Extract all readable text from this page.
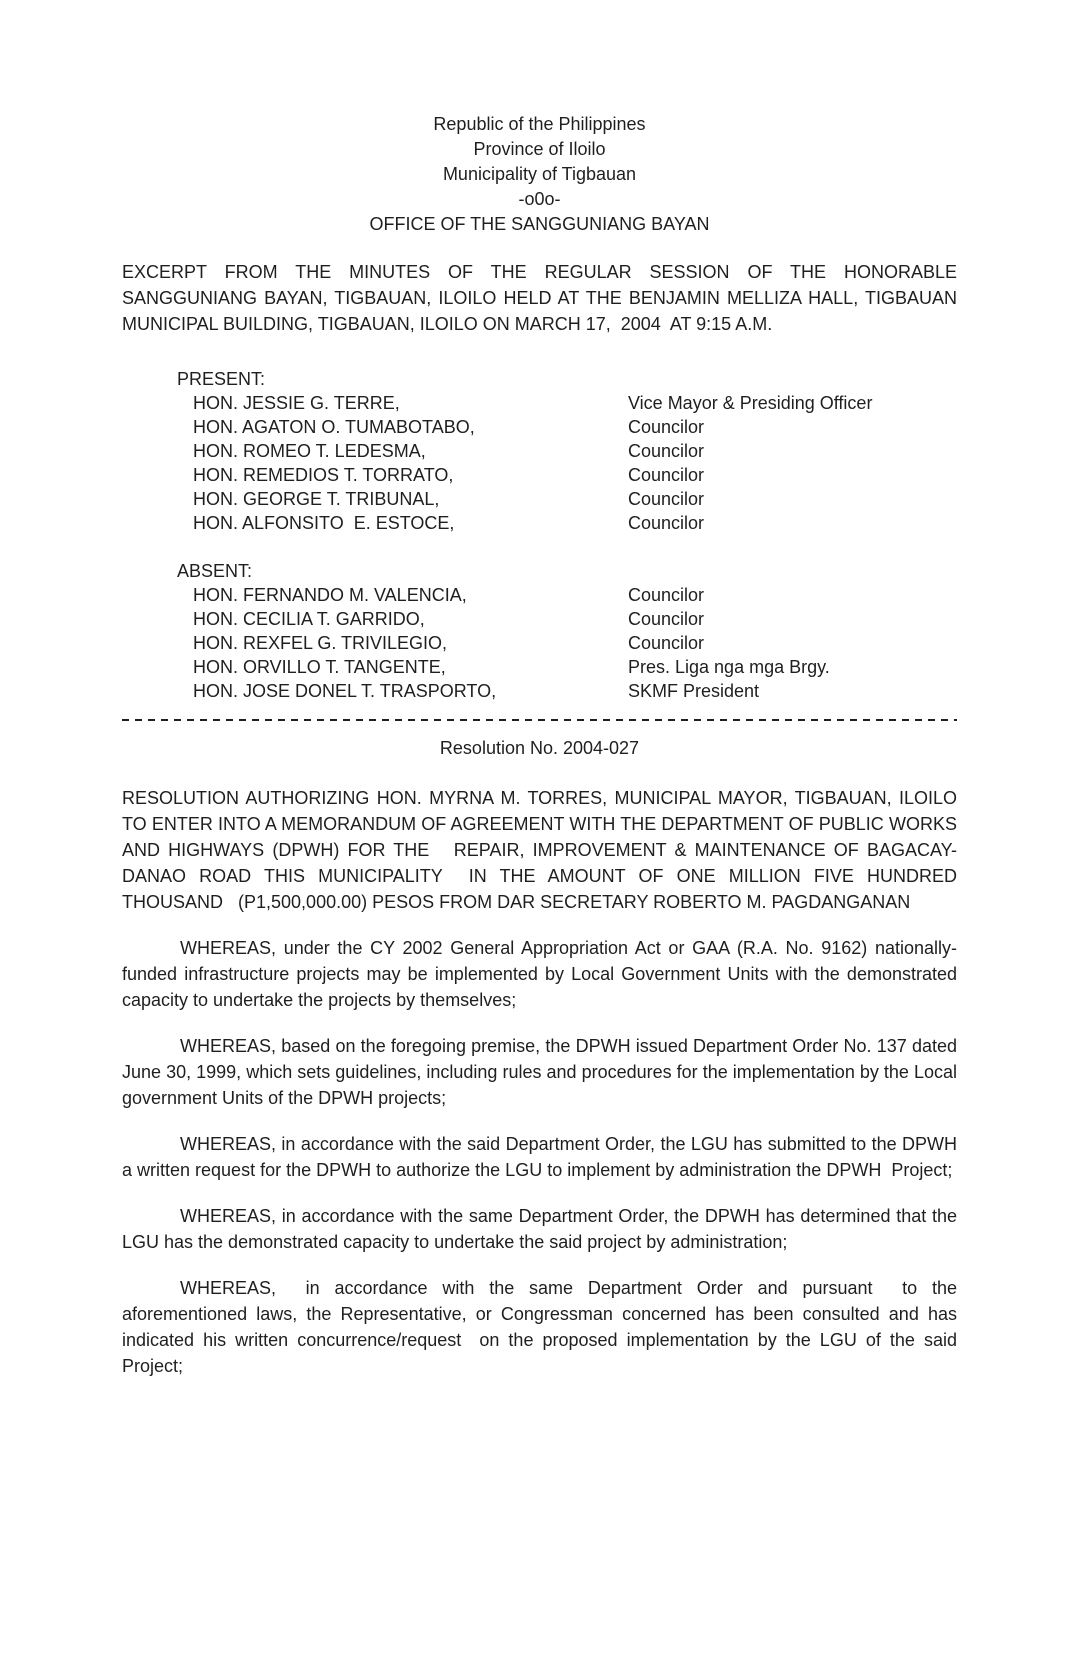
Republic of the Philippines
Province of Iloilo
Municipality of Tigbauan
-o0o-
OFFICE OF THE SANGGUNIANG BAYAN

EXCERPT FROM THE MINUTES OF THE REGULAR SESSION OF THE HONORABLE SANGGUNIANG BAYAN, TIGBAUAN, ILOILO HELD AT THE BENJAMIN MELLIZA HALL, TIGBAUAN MUNICIPAL BUILDING, TIGBAUAN, ILOILO ON MARCH 17,  2004  AT 9:15 A.M.

PRESENT:
HON. JESSIE G. TERRE,	Vice Mayor & Presiding Officer
HON. AGATON O. TUMABOTABO,	Councilor
HON. ROMEO T. LEDESMA,	Councilor
HON. REMEDIOS T. TORRATO,	Councilor
HON. GEORGE T. TRIBUNAL,	Councilor
HON. ALFONSITO  E. ESTOCE,	Councilor
ABSENT:
HON. FERNANDO M. VALENCIA,	Councilor
HON. CECILIA T. GARRIDO,	Councilor
HON. REXFEL G. TRIVILEGIO,	Councilor
HON. ORVILLO T. TANGENTE,	Pres. Liga nga mga Brgy.
HON. JOSE DONEL T. TRASPORTO,	SKMF President
Resolution No. 2004-027

RESOLUTION AUTHORIZING HON. MYRNA M. TORRES, MUNICIPAL MAYOR, TIGBAUAN, ILOILO TO ENTER INTO A MEMORANDUM OF AGREEMENT WITH THE DEPARTMENT OF PUBLIC WORKS AND HIGHWAYS (DPWH) FOR THE   REPAIR, IMPROVEMENT & MAINTENANCE OF BAGACAY-DANAO ROAD THIS MUNICIPALITY  IN THE AMOUNT OF ONE MILLION FIVE HUNDRED THOUSAND   (P1,500,000.00) PESOS FROM DAR SECRETARY ROBERTO M. PAGDANGANAN

WHEREAS, under the CY 2002 General Appropriation Act or GAA (R.A. No. 9162) nationally-funded infrastructure projects may be implemented by Local Government Units with the demonstrated capacity to undertake the projects by themselves;

WHEREAS, based on the foregoing premise, the DPWH issued Department Order No. 137 dated June 30, 1999, which sets guidelines, including rules and procedures for the implementation by the Local government Units of the DPWH projects;

WHEREAS, in accordance with the said Department Order, the LGU has submitted to the DPWH a written request for the DPWH to authorize the LGU to implement by administration the DPWH  Project;

WHEREAS, in accordance with the same Department Order, the DPWH has determined that the LGU has the demonstrated capacity to undertake the said project by administration;

WHEREAS,  in accordance with the same Department Order and pursuant  to the aforementioned laws, the Representative, or Congressman concerned has been consulted and has indicated his written concurrence/request  on the proposed implementation by the LGU of the said Project;
